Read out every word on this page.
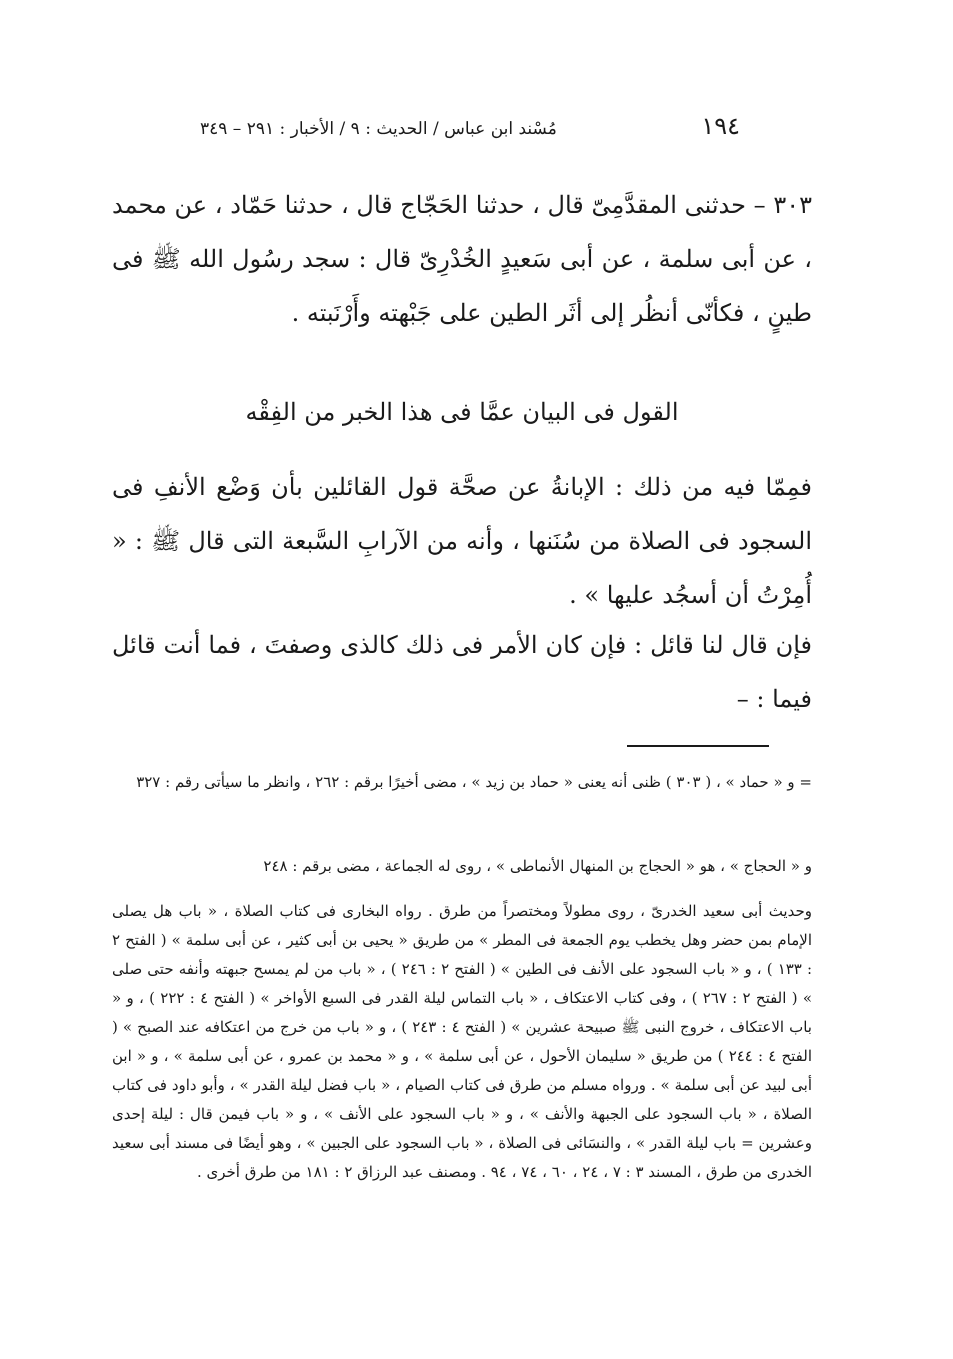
١٩٤
مُسْند ابن عباس / الحديث : ٩ / الأخبار : ٢٩١ – ٣٤٩
٣٠٣ – حدثنى المقدَّمِىّ قال ، حدثنا الحَجّاج قال ، حدثنا حَمّاد ، عن محمد ، عن أبى سلمة ، عن أبى سَعيدٍ الخُدْرِىّ قال : سجد رسُول الله ﷺ فى طينٍ ، فكأنّى أنظُر إلى أثَر الطين على جَبْهته وأَرْنَبته .
القول فى البيان عمَّا فى هذا الخبر من الفِقْه
فمِمّا فيه من ذلك : الإبانةُ عن صحَّة قول القائلين بأن وَضْع الأنفِ فى السجود فى الصلاة من سُنَنها ، وأنه من الآرابِ السَّبعة التى قال ﷺ : « أُمِرْتُ أن أسجُد عليها » .
فإن قال لنا قائل : فإن كان الأمر فى ذلك كالذى وصفتَ ، فما أنت قائل فيما : –
= و « حماد » ، ( ٣٠٣ ) ظنى أنه يعنى « حماد بن زيد » ، مضى أخيرًا برقم : ٢٦٢ ، وانظر ما سيأتى رقم : ٣٢٧
و « الحجاج » ، هو « الحجاج بن المنهال الأنماطى » ، روى له الجماعة ، مضى برقم : ٢٤٨
وحديث أبى سعيد الخدرىّ ، روى مطولاً ومختصراً من طرق . رواه البخارى فى كتاب الصلاة ، « باب هل يصلى الإمام بمن حضر وهل يخطب يوم الجمعة فى المطر » من طريق « يحيى بن أبى كثير ، عن أبى سلمة » ( الفتح ٢ : ١٣٣ ) ، و « باب السجود على الأنف فى الطين » ( الفتح ٢ : ٢٤٦ ) ، « باب من لم يمسح جبهته وأنفه حتى صلى » ( الفتح ٢ : ٢٦٧ ) ، وفى كتاب الاعتكاف ، « باب التماس ليلة القدر فى السبع الأواخر » ( الفتح ٤ : ٢٢٢ ) ، و « باب الاعتكاف ، خروج النبى ﷺ صبيحة عشرين » ( الفتح ٤ : ٢٤٣ ) ، و « باب من خرج من اعتكافه عند الصبح » ( الفتح ٤ : ٢٤٤ ) من طريق « سليمان الأحول ، عن أبى سلمة » ، و « محمد بن عمرو ، عن أبى سلمة » ، و « ابن أبى لبيد عن أبى سلمة » . ورواه مسلم من طرق فى كتاب الصيام ، « باب فضل ليلة القدر » ، وأبو داود فى كتاب الصلاة ، « باب السجود على الجبهة والأنف » ، و « باب السجود على الأنف » ، و « باب فيمن قال : ليلة إحدى وعشرين = باب ليلة القدر » ، والنسَائى فى الصلاة ، « باب السجود على الجبين » ، وهو أيضًا فى مسند أبى سعيد الخدرى من طرق ، المسند ٣ : ٧ ، ٢٤ ، ٦٠ ، ٧٤ ، ٩٤ . ومصنف عبد الرزاق ٢ : ١٨١ من طرق أخرى .
